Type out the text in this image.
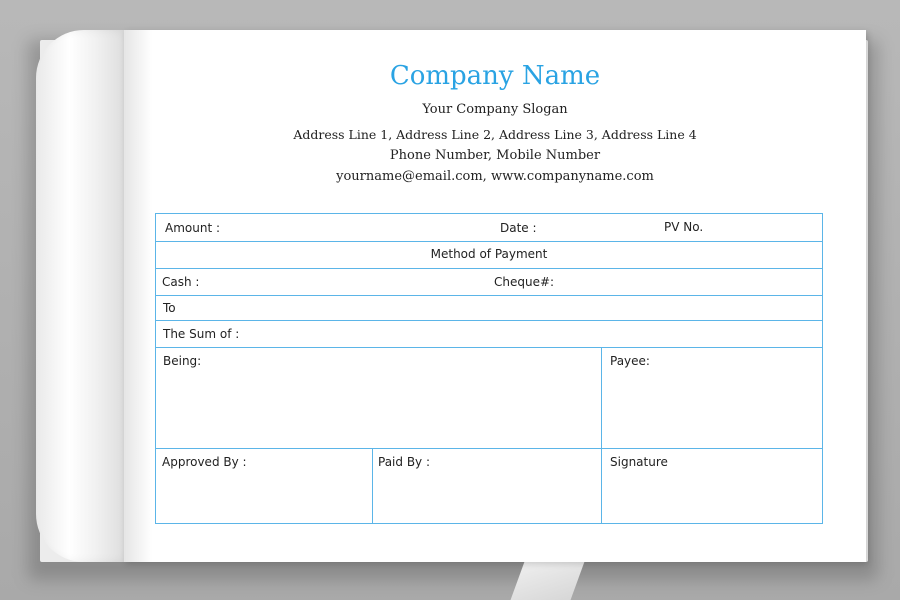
Company Name
Your Company Slogan
Address Line 1, Address Line 2, Address Line 3, Address Line 4
Phone Number, Mobile Number
yourname@email.com, www.companyname.com
Amount :	Date :	PV No.
Method of Payment
Cash :	Cheque#:
To
The Sum of :
Being:	Payee:
Approved By :	Paid By :	Signature
